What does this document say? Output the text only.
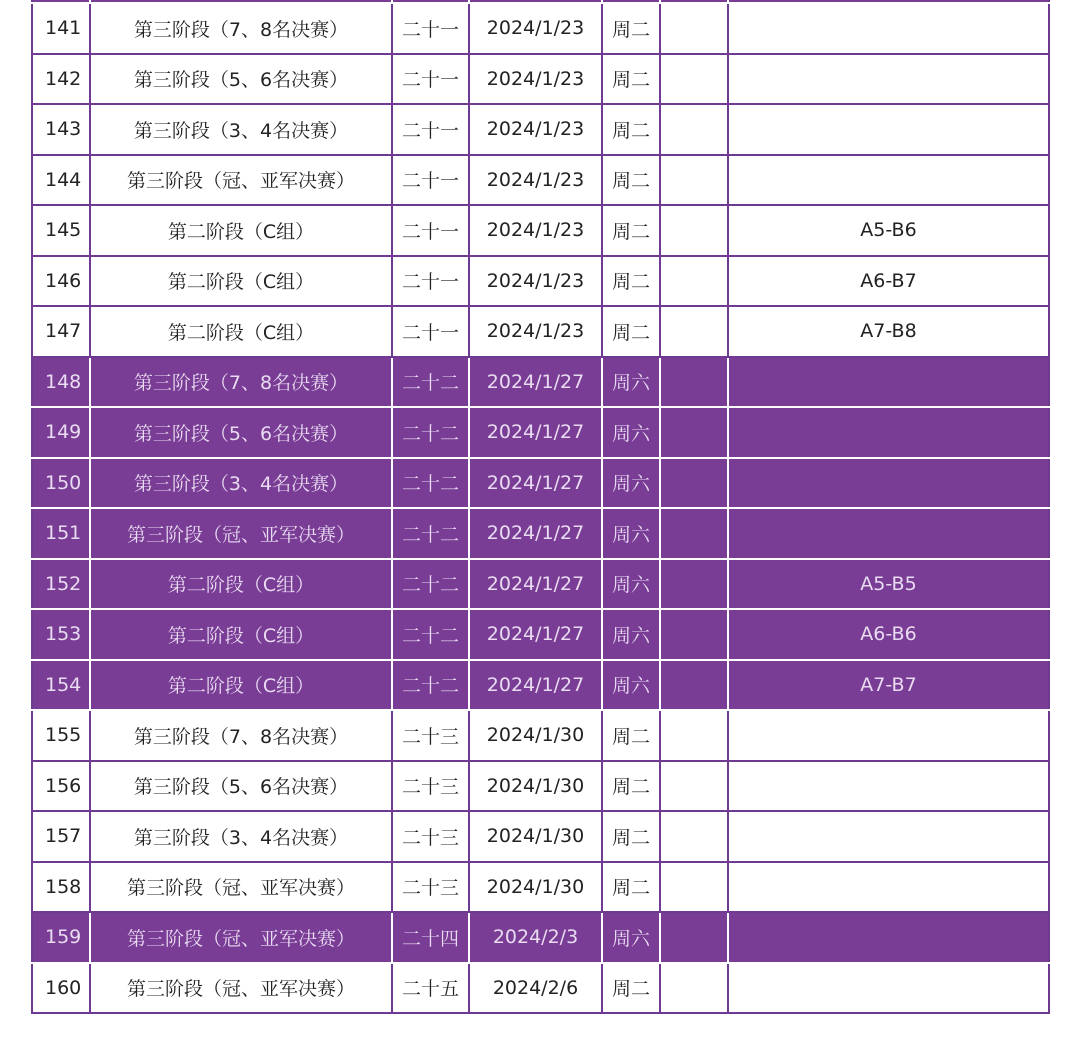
141	第三阶段（7、8名决赛）	二十一	2024/1/23	周二		
142	第三阶段（5、6名决赛）	二十一	2024/1/23	周二		
143	第三阶段（3、4名决赛）	二十一	2024/1/23	周二		
144	第三阶段（冠、亚军决赛）	二十一	2024/1/23	周二		
145	第二阶段（C组）	二十一	2024/1/23	周二		A5-B6
146	第二阶段（C组）	二十一	2024/1/23	周二		A6-B7
147	第二阶段（C组）	二十一	2024/1/23	周二		A7-B8
148	第三阶段（7、8名决赛）	二十二	2024/1/27	周六		
149	第三阶段（5、6名决赛）	二十二	2024/1/27	周六		
150	第三阶段（3、4名决赛）	二十二	2024/1/27	周六		
151	第三阶段（冠、亚军决赛）	二十二	2024/1/27	周六		
152	第二阶段（C组）	二十二	2024/1/27	周六		A5-B5
153	第二阶段（C组）	二十二	2024/1/27	周六		A6-B6
154	第二阶段（C组）	二十二	2024/1/27	周六		A7-B7
155	第三阶段（7、8名决赛）	二十三	2024/1/30	周二		
156	第三阶段（5、6名决赛）	二十三	2024/1/30	周二		
157	第三阶段（3、4名决赛）	二十三	2024/1/30	周二		
158	第三阶段（冠、亚军决赛）	二十三	2024/1/30	周二		
159	第三阶段（冠、亚军决赛）	二十四	2024/2/3	周六		
160	第三阶段（冠、亚军决赛）	二十五	2024/2/6	周二		
